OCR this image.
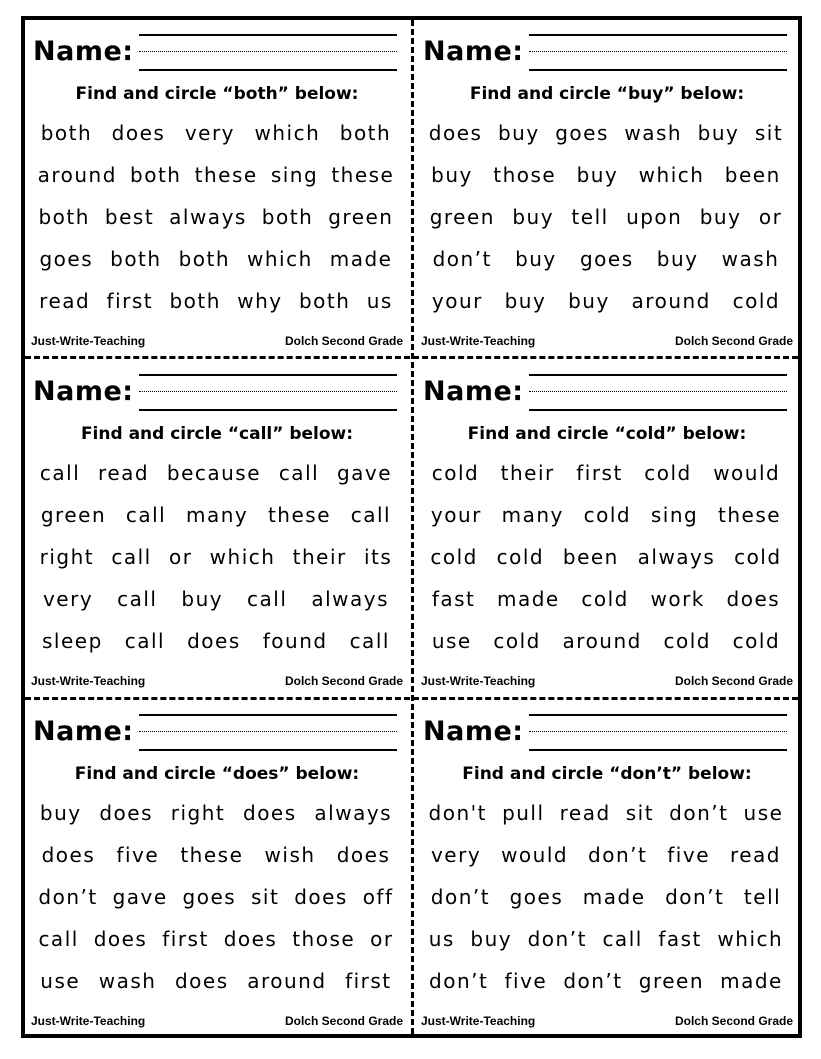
Name:
Find and circle “both” below:
both does very which both
around both these sing these
both best always both green
goes both both which made
read first both why both us
Just-Write-Teaching	Dolch Second Grade
Name:
Find and circle “buy” below:
does buy goes wash buy sit
buy those buy which been
green buy tell upon buy or
don’t buy goes buy wash
your buy buy around cold
Just-Write-Teaching	Dolch Second Grade
Name:
Find and circle “call” below:
call read because call gave
green call many these call
right call or which their its
very call buy call always
sleep call does found call
Just-Write-Teaching	Dolch Second Grade
Name:
Find and circle “cold” below:
cold their first cold would
your many cold sing these
cold cold been always cold
fast made cold work does
use cold around cold cold
Just-Write-Teaching	Dolch Second Grade
Name:
Find and circle “does” below:
buy does right does always
does five these wish does
don’t gave goes sit does off
call does first does those or
use wash does around first
Just-Write-Teaching	Dolch Second Grade
Name:
Find and circle “don’t” below:
don't pull read sit don’t use
very would don’t five read
don’t goes made don’t tell
us buy don’t call fast which
don’t five don’t green made
Just-Write-Teaching	Dolch Second Grade
